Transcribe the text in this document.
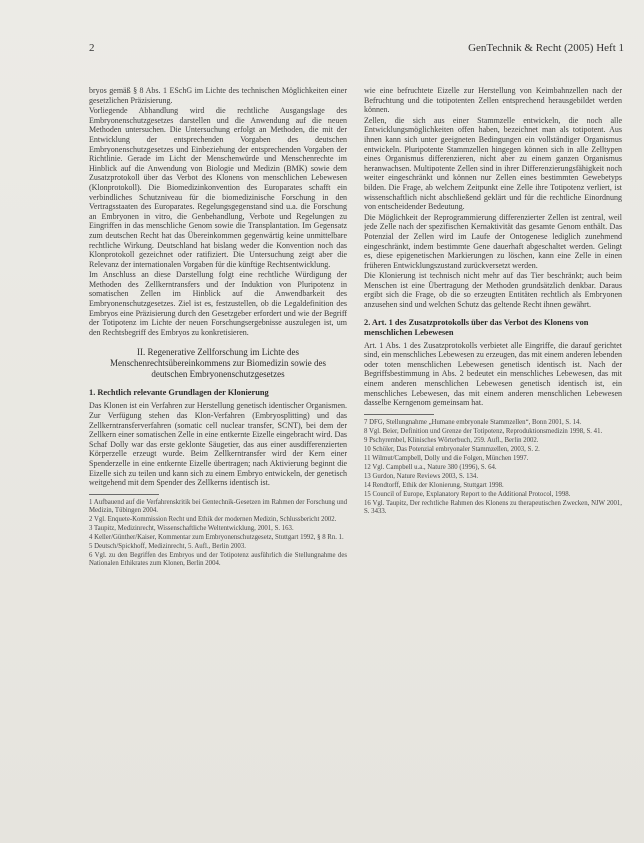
2	GenTechnik & Recht (2005) Heft 1

bryos gemäß § 8 Abs. 1 ESchG im Lichte des technischen Möglichkeiten einer gesetzlichen Präzisierung.

Vorliegende Abhandlung wird die rechtliche Ausgangslage des Embryonenschutzgesetzes darstellen und die Anwendung auf die neuen Methoden untersuchen. Die Untersuchung erfolgt an Methoden, die mit der Entwicklung der entsprechenden Vorgaben des deutschen Embryonenschutzgesetzes und Einbeziehung der entsprechenden Vorgaben der Richtlinie. Gerade im Licht der Menschenwürde und Menschenrechte im Hinblick auf die Anwendung von Biologie und Medizin (BMK) sowie dem Zusatzprotokoll über das Verbot des Klonens von menschlichen Lebewesen (Klonprotokoll). Die Biomedizinkonvention des Europarates schafft ein verbindliches Schutzniveau für die biomedizinische Forschung in den Vertragsstaaten des Europarates. Regelungsgegenstand sind u.a. die Forschung an Embryonen in vitro, die Genbehandlung, Verbote und Regelungen zu Eingriffen in das menschliche Genom sowie die Transplantation. Im Gegensatz zum deutschen Recht hat das Übereinkommen gegenwärtig keine unmittelbare rechtliche Wirkung. Deutschland hat bislang weder die Konvention noch das Klonprotokoll gezeichnet oder ratifiziert. Die Untersuchung zeigt aber die Relevanz der internationalen Vorgaben für die künftige Rechtsentwicklung.

Im Anschluss an diese Darstellung folgt eine rechtliche Würdigung der Methoden des Zellkerntransfers und der Induktion von Pluripotenz in somatischen Zellen im Hinblick auf die Anwendbarkeit des Embryonenschutzgesetzes. Ziel ist es, festzustellen, ob die Legaldefinition des Embryos eine Präzisierung durch den Gesetzgeber erfordert und wie der Begriff der Totipotenz im Lichte der neuen Forschungsergebnisse auszulegen ist, um den Rechtsbegriff des Embryos zu konkretisieren.

II. Regenerative Zellforschung im Lichte des Menschenrechtsübereinkommens zur Biomedizin sowie des deutschen Embryonenschutzgesetzes
1. Rechtlich relevante Grundlagen der Klonierung

Das Klonen ist ein Verfahren zur Herstellung genetisch identischer Organismen. Zur Verfügung stehen das Klon-Verfahren (Embryosplitting) und das Zellkerntransferverfahren (somatic cell nuclear transfer, SCNT), bei dem der Zellkern einer somatischen Zelle in eine entkernte Eizelle eingebracht wird. Das Schaf Dolly war das erste geklonte Säugetier, das aus einer ausdifferenzierten Körperzelle erzeugt wurde. Beim Zellkerntransfer wird der Kern einer Spenderzelle in eine entkernte Eizelle übertragen; nach Aktivierung beginnt die Eizelle sich zu teilen und kann sich zu einem Embryo entwickeln, der genetisch weitgehend mit dem Spender des Zellkerns identisch ist.

1 Aufbauend auf die Verfahrenskritik bei Gentechnik-Gesetzen im Rahmen der Forschung und Medizin, Tübingen 2004.

2 Vgl. Enquete-Kommission Recht und Ethik der modernen Medizin, Schlussbericht 2002.

3 Taupitz, Medizinrecht, Wissenschaftliche Weltentwicklung, 2001, S. 163.

4 Keller/Günther/Kaiser, Kommentar zum Embryonenschutzgesetz, Stuttgart 1992, § 8 Rn. 1.

5 Deutsch/Spickhoff, Medizinrecht, 5. Aufl., Berlin 2003.

6 Vgl. zu den Begriffen des Embryos und der Totipotenz ausführlich die Stellungnahme des Nationalen Ethikrates zum Klonen, Berlin 2004.

wie eine befruchtete Eizelle zur Herstellung von Keimbahnzellen nach der Befruchtung und die totipotenten Zellen entsprechend herausgebildet werden können.

Zellen, die sich aus einer Stammzelle entwickeln, die noch alle Entwicklungsmöglichkeiten offen haben, bezeichnet man als totipotent. Aus ihnen kann sich unter geeigneten Bedingungen ein vollständiger Organismus entwickeln. Pluripotente Stammzellen hingegen können sich in alle Zelltypen eines Organismus differenzieren, nicht aber zu einem ganzen Organismus heranwachsen. Multipotente Zellen sind in ihrer Differenzierungsfähigkeit noch weiter eingeschränkt und können nur Zellen eines bestimmten Gewebetyps bilden. Die Frage, ab welchem Zeitpunkt eine Zelle ihre Totipotenz verliert, ist wissenschaftlich nicht abschließend geklärt und für die rechtliche Einordnung von entscheidender Bedeutung.

Die Möglichkeit der Reprogrammierung differenzierter Zellen ist zentral, weil jede Zelle nach der spezifischen Kernaktivität das gesamte Genom enthält. Das Potenzial der Zellen wird im Laufe der Ontogenese lediglich zunehmend eingeschränkt, indem bestimmte Gene dauerhaft abgeschaltet werden. Gelingt es, diese epigenetischen Markierungen zu löschen, kann eine Zelle in einen früheren Entwicklungszustand zurückversetzt werden.

Die Klonierung ist technisch nicht mehr auf das Tier beschränkt; auch beim Menschen ist eine Übertragung der Methoden grundsätzlich denkbar. Daraus ergibt sich die Frage, ob die so erzeugten Entitäten rechtlich als Embryonen anzusehen sind und welchen Schutz das geltende Recht ihnen gewährt.

2. Art. 1 des Zusatzprotokolls über das Verbot des Klonens von menschlichen Lebewesen

Art. 1 Abs. 1 des Zusatzprotokolls verbietet alle Eingriffe, die darauf gerichtet sind, ein menschliches Lebewesen zu erzeugen, das mit einem anderen lebenden oder toten menschlichen Lebewesen genetisch identisch ist. Nach der Begriffsbestimmung in Abs. 2 bedeutet ein menschliches Lebewesen, das mit einem anderen menschlichen Lebewesen genetisch identisch ist, ein menschliches Lebewesen, das mit einem anderen menschlichen Lebewesen dasselbe Kerngenom gemeinsam hat.

7 DFG, Stellungnahme „Humane embryonale Stammzellen“, Bonn 2001, S. 14.

8 Vgl. Beier, Definition und Grenze der Totipotenz, Reproduktionsmedizin 1998, S. 41.

9 Pschyrembel, Klinisches Wörterbuch, 259. Aufl., Berlin 2002.

10 Schöler, Das Potenzial embryonaler Stammzellen, 2003, S. 2.

11 Wilmut/Campbell, Dolly und die Folgen, München 1997.

12 Vgl. Campbell u.a., Nature 380 (1996), S. 64.

13 Gurdon, Nature Reviews 2003, S. 134.

14 Rendtorff, Ethik der Klonierung, Stuttgart 1998.

15 Council of Europe, Explanatory Report to the Additional Protocol, 1998.

16 Vgl. Taupitz, Der rechtliche Rahmen des Klonens zu therapeutischen Zwecken, NJW 2001, S. 3433.
